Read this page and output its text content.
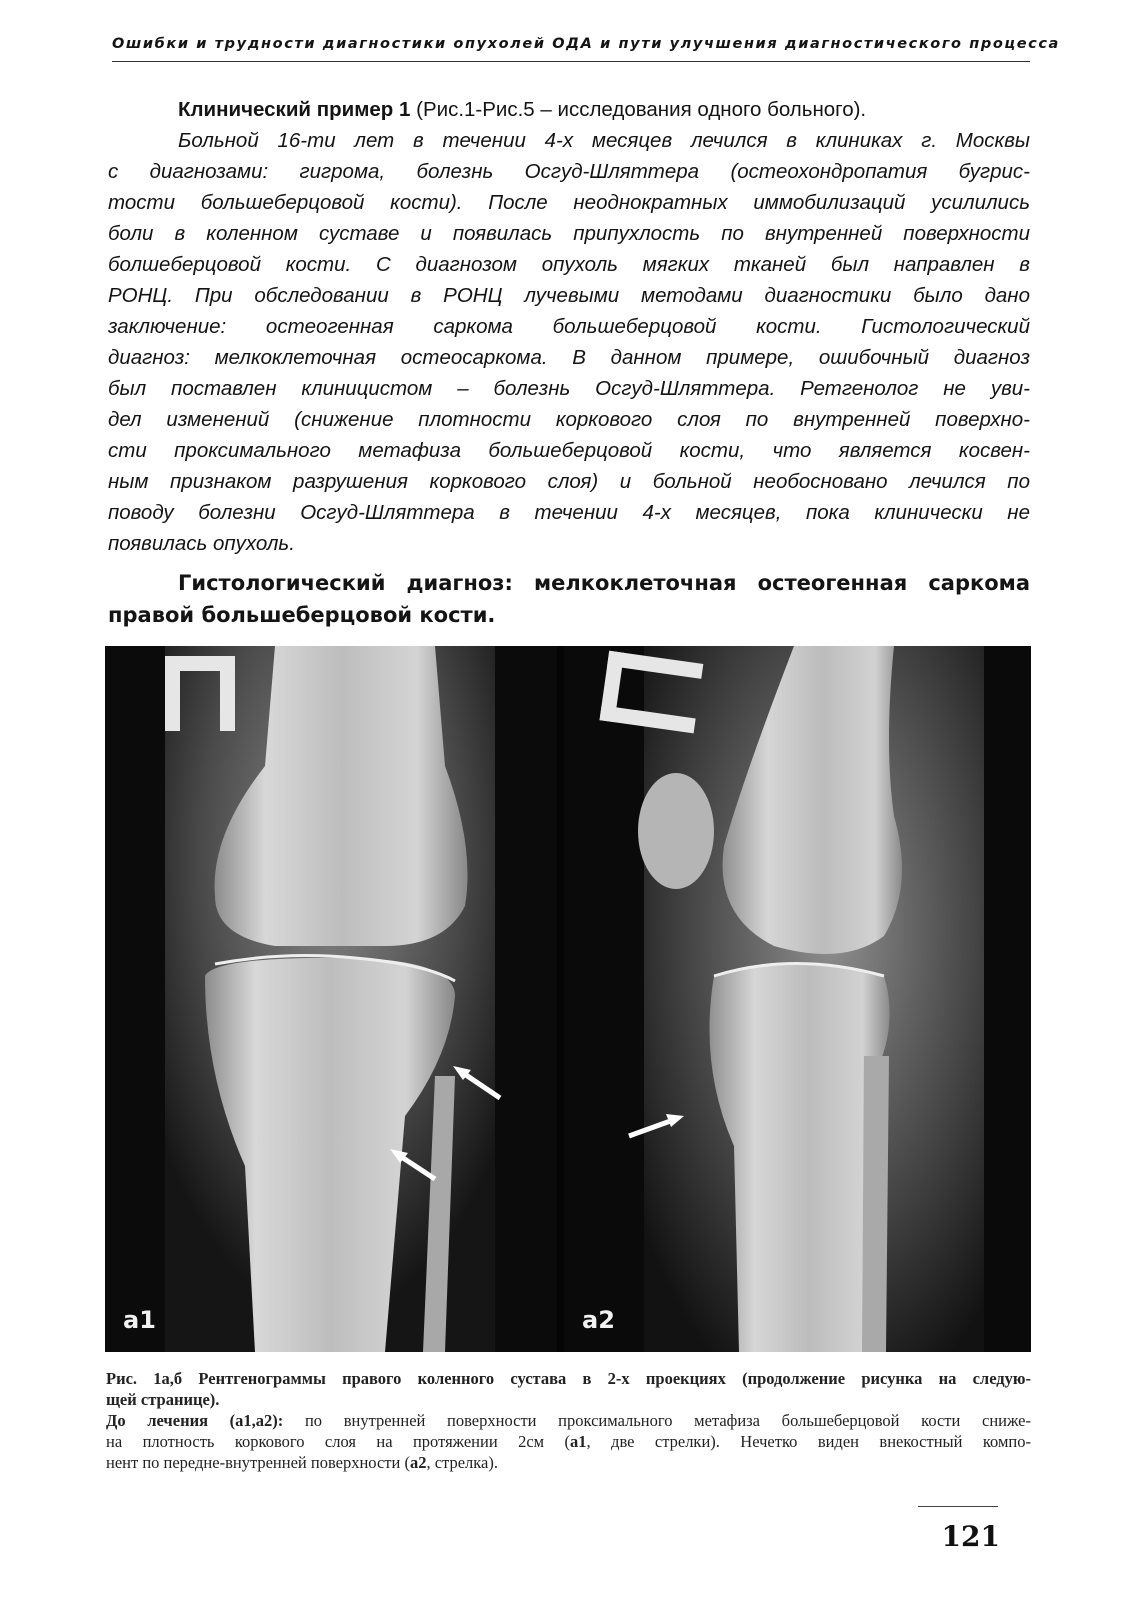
Ошибки и трудности диагностики опухолей ОДА и пути улучшения диагностического процесса
Клинический пример 1 (Рис.1-Рис.5 – исследования одного больного).
Больной 16-ти лет в течении 4-х месяцев лечился в клиниках г. Москвы
с диагнозами: гигрома, болезнь Осгуд-Шляттера (остеохондропатия бугрис-
тости большеберцовой кости). После неоднократных иммобилизаций усилились
боли в коленном суставе и появилась припухлость по внутренней поверхности
болшеберцовой кости. С диагнозом опухоль мягких тканей был направлен в
РОНЦ. При обследовании в РОНЦ лучевыми методами диагностики было дано
заключение: остеогенная саркома большеберцовой кости. Гистологический
диагноз: мелкоклеточная остеосаркома. В данном примере, ошибочный диагноз
был поставлен клиницистом – болезнь Осгуд-Шляттера. Ретгенолог не уви-
дел изменений (снижение плотности коркового слоя по внутренней поверхно-
сти проксимального метафиза большеберцовой кости, что является косвен-
ным признаком разрушения коркового слоя) и больной необосновано лечился по
поводу болезни Осгуд-Шляттера в течении 4-х месяцев, пока клинически не
появилась опухоль.
Гистологический диагноз: мелкоклеточная остеогенная саркома
правой большеберцовой кости.
a1	a2
Рис. 1а,б Рентгенограммы правого коленного сустава в 2-х проекциях (продолжение рисунка на следую-
щей странице).
До лечения (а1,а2): по внутренней поверхности проксимального метафиза большеберцовой кости сниже-
на плотность коркового слоя на протяжении 2см (а1, две стрелки). Нечетко виден внекостный компо-
нент по передне-внутренней поверхности (а2, стрелка).
121
